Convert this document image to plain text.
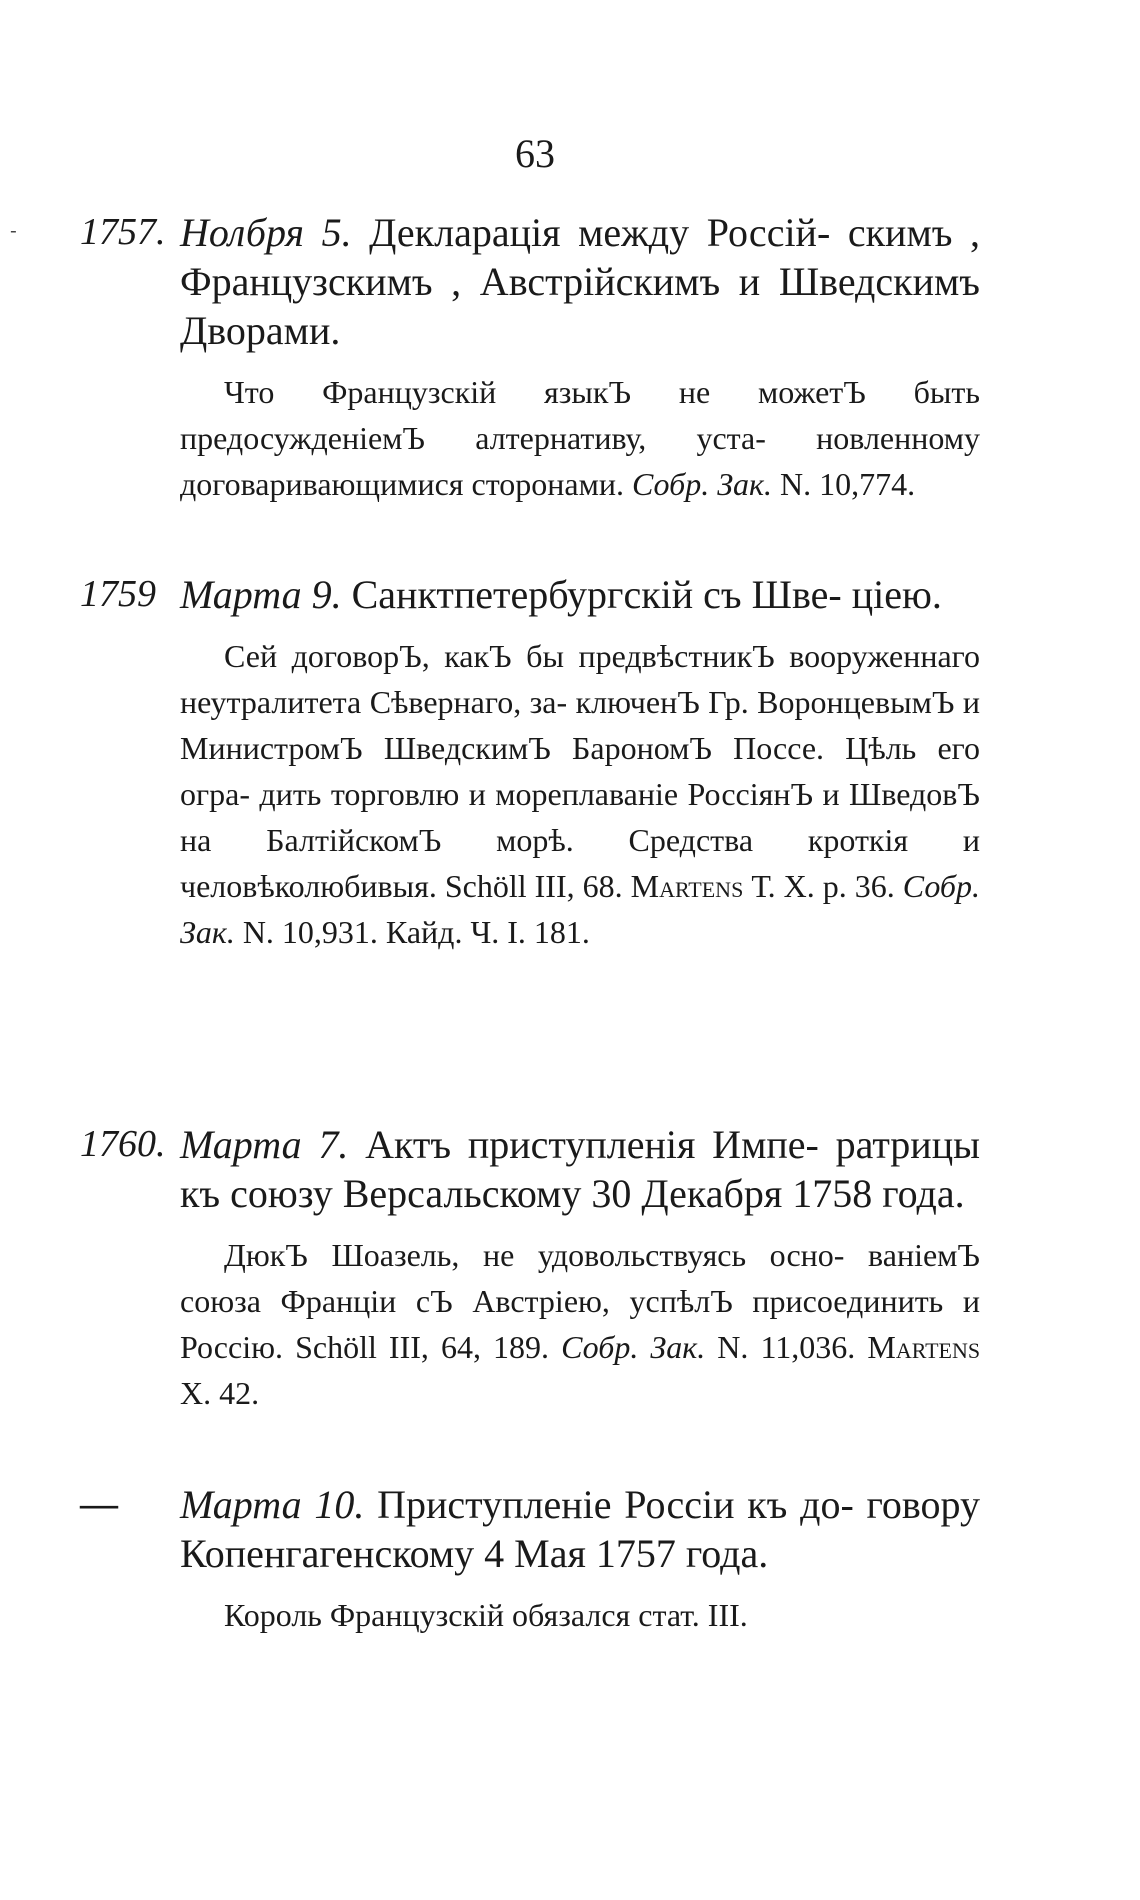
-
63
1757. Нолбря 5. Декларація между Россій- скимъ , Французскимъ , Австрійскимъ и Шведскимъ Дворами.

Что Французскій языкЪ не можетЪ быть предосужденіемЪ алтернативу, уста- новленному договаривающимися сторонами. Собр. Зак. N. 10,774.

1759 Марта 9. Санктпетербургскій съ Шве- ціею.

Сей договорЪ, какЪ бы предвѣстникЪ вооруженнаго неутралитета Сѣвернаго, за- ключенЪ Гр. ВоронцевымЪ и МинистромЪ ШведскимЪ БарономЪ Поссе. Цѣль его огра- дить торговлю и мореплаваніе РоссіянЪ и ШведовЪ на БалтійскомЪ морѣ. Средства кроткія и человѣколюбивыя. Schöll III, 68. Martens Т. X. р. 36. Собр. Зак. N. 10,931. Кайд. Ч. I. 181.

1760. Марта 7. Актъ приступленія Импе- ратрицы къ союзу Версальскому 30 Декабря 1758 года.

ДюкЪ Шоазель, не удовольствуясь осно- ваніемЪ союза Франціи сЪ Австріею, успѣлЪ присоединить и Россію. Schöll III, 64, 189. Собр. Зак. N. 11,036. Martens X. 42.

—	Марта 10. Приступленіе Россіи къ до- говору Копенгагенскому 4 Мая 1757 года.

Король Французскій обязался стат. III.
